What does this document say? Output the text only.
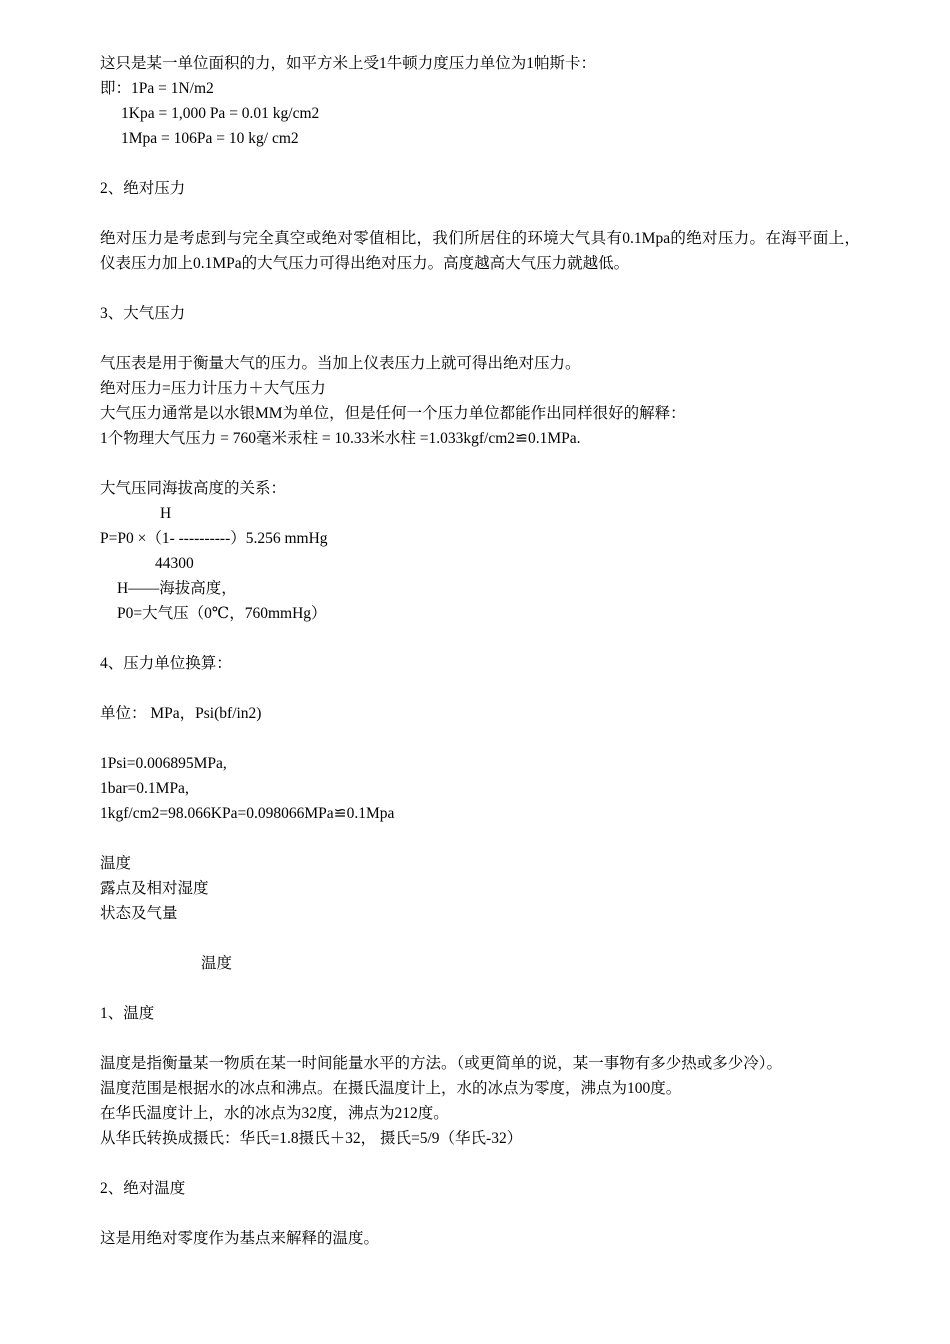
这只是某一单位面积的力，如平方米上受1牛顿力度压力单位为1帕斯卡：
即：1Pa = 1N/m2
1Kpa = 1,000 Pa = 0.01 kg/cm2
1Mpa = 106Pa = 10 kg/ cm2
2、绝对压力
绝对压力是考虑到与完全真空或绝对零值相比，我们所居住的环境大气具有0.1Mpa的绝对压力。在海平面上，仪表压力加上0.1MPa的大气压力可得出绝对压力。高度越高大气压力就越低。
3、大气压力
气压表是用于衡量大气的压力。当加上仪表压力上就可得出绝对压力。
绝对压力=压力计压力＋大气压力
大气压力通常是以水银MM为单位，但是任何一个压力单位都能作出同样很好的解释：
1个物理大气压力 = 760毫米汞柱 = 10.33米水柱 =1.033kgf/cm2≌0.1MPa.
大气压同海拔高度的关系：
H
P=P0 ×（1- ----------）5.256 mmHg
44300
H——海拔高度，
P0=大气压（0℃，760mmHg）
4、压力单位换算：
单位： MPa，Psi(bf/in2)
1Psi=0.006895MPa,
1bar=0.1MPa,
1kgf/cm2=98.066KPa=0.098066MPa≌0.1Mpa
温度
露点及相对湿度
状态及气量
温度
1、温度
温度是指衡量某一物质在某一时间能量水平的方法。（或更简单的说，某一事物有多少热或多少冷）。
温度范围是根据水的冰点和沸点。在摄氏温度计上，水的冰点为零度，沸点为100度。
在华氏温度计上，水的冰点为32度，沸点为212度。
从华氏转换成摄氏：华氏=1.8摄氏＋32， 摄氏=5/9（华氏-32）
2、绝对温度
这是用绝对零度作为基点来解释的温度。
